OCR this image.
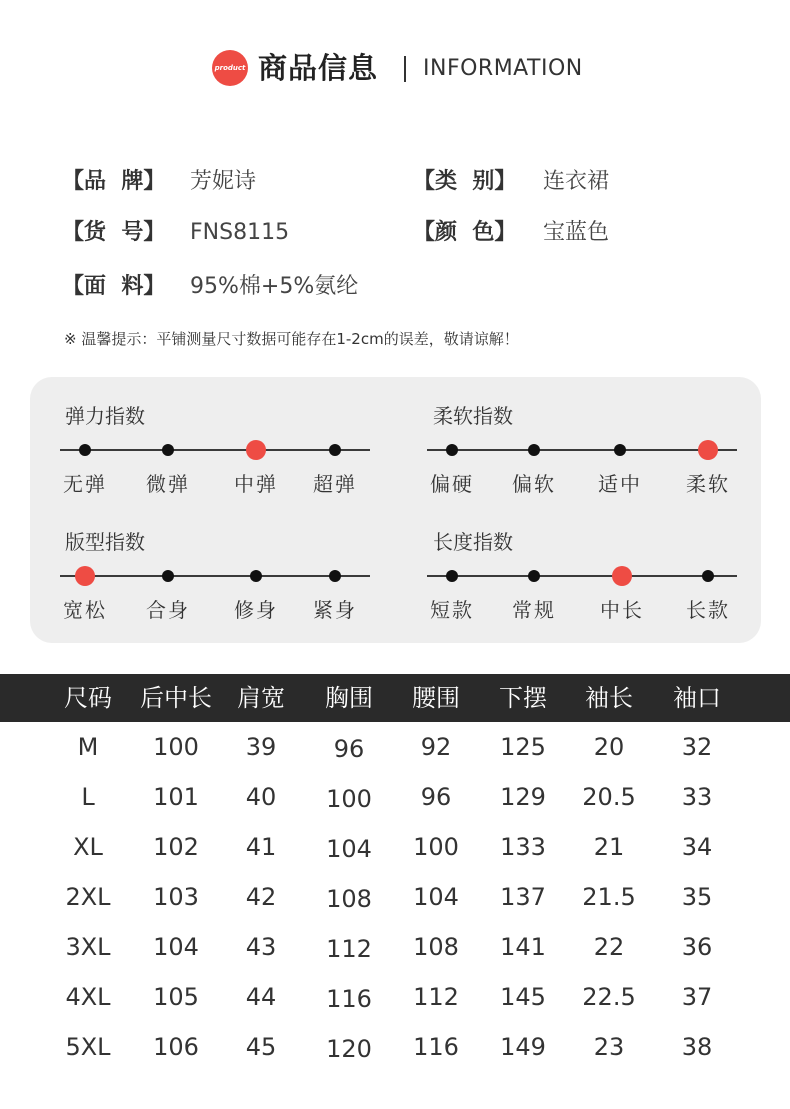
product 商品信息 INFORMATION
【品  牌】 芳妮诗	【类  别】 连衣裙
【货  号】 FNS8115	【颜  色】 宝蓝色
【面  料】 95%棉+5%氨纶
※ 温馨提示：平铺测量尺寸数据可能存在1-2cm的误差，敬请谅解！
弹力指数
无弹	微弹	中弹	超弹
柔软指数
偏硬	偏软	适中	柔软
版型指数
宽松	合身	修身	紧身
长度指数
短款	常规	中长	长款
尺码	后中长	肩宽	胸围	腰围	下摆	袖长	袖口
M	100	39	96	92	125	20	32
L	101	40	100	96	129	20.5	33
XL	102	41	104	100	133	21	34
2XL	103	42	108	104	137	21.5	35
3XL	104	43	112	108	141	22	36
4XL	105	44	116	112	145	22.5	37
5XL	106	45	120	116	149	23	38
